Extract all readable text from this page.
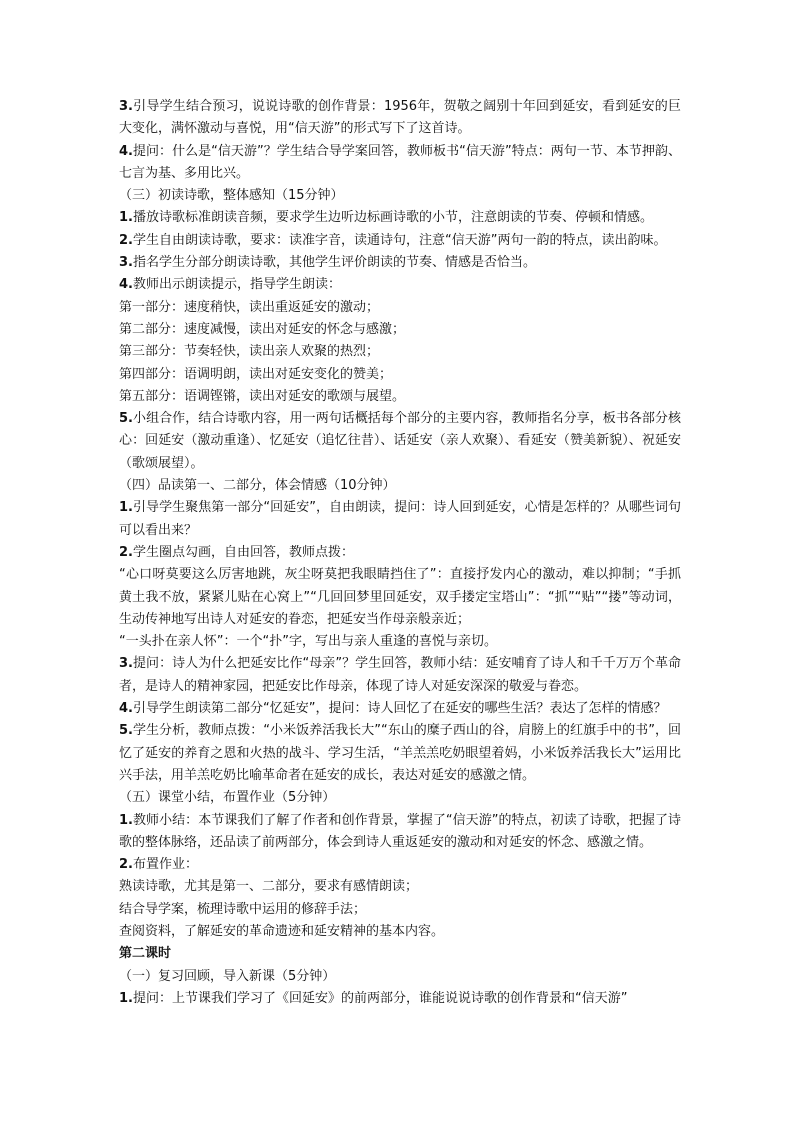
3.引导学生结合预习，说说诗歌的创作背景：1956年，贺敬之阔别十年回到延安，看到延安的巨大变化，满怀激动与喜悦，用“信天游”的形式写下了这首诗。
4.提问：什么是“信天游”？学生结合导学案回答，教师板书“信天游”特点：两句一节、本节押韵、七言为基、多用比兴。
（三）初读诗歌，整体感知（15分钟）
1.播放诗歌标准朗读音频，要求学生边听边标画诗歌的小节，注意朗读的节奏、停顿和情感。
2.学生自由朗读诗歌，要求：读准字音，读通诗句，注意“信天游”两句一韵的特点，读出韵味。
3.指名学生分部分朗读诗歌，其他学生评价朗读的节奏、情感是否恰当。
4.教师出示朗读提示，指导学生朗读：
第一部分：速度稍快，读出重返延安的激动；
第二部分：速度减慢，读出对延安的怀念与感激；
第三部分：节奏轻快，读出亲人欢聚的热烈；
第四部分：语调明朗，读出对延安变化的赞美；
第五部分：语调铿锵，读出对延安的歌颂与展望。
5.小组合作，结合诗歌内容，用一两句话概括每个部分的主要内容，教师指名分享，板书各部分核心：回延安（激动重逢）、忆延安（追忆往昔）、话延安（亲人欢聚）、看延安（赞美新貌）、祝延安（歌颂展望）。
（四）品读第一、二部分，体会情感（10分钟）
1.引导学生聚焦第一部分“回延安”，自由朗读，提问：诗人回到延安，心情是怎样的？从哪些词句可以看出来？
2.学生圈点勾画，自由回答，教师点拨：
“心口呀莫要这么厉害地跳，灰尘呀莫把我眼睛挡住了”：直接抒发内心的激动，难以抑制；“手抓黄土我不放，紧紧儿贴在心窝上”“几回回梦里回延安，双手搂定宝塔山”：“抓”“贴”“搂”等动词，生动传神地写出诗人对延安的眷恋，把延安当作母亲般亲近；
“一头扑在亲人怀”：一个“扑”字，写出与亲人重逢的喜悦与亲切。
3.提问：诗人为什么把延安比作“母亲”？学生回答，教师小结：延安哺育了诗人和千千万万个革命者，是诗人的精神家园，把延安比作母亲，体现了诗人对延安深深的敬爱与眷恋。
4.引导学生朗读第二部分“忆延安”，提问：诗人回忆了在延安的哪些生活？表达了怎样的情感？
5.学生分析，教师点拨：“小米饭养活我长大”“东山的糜子西山的谷，肩膀上的红旗手中的书”，回忆了延安的养育之恩和火热的战斗、学习生活，“羊羔羔吃奶眼望着妈，小米饭养活我长大”运用比兴手法，用羊羔吃奶比喻革命者在延安的成长，表达对延安的感激之情。
（五）课堂小结，布置作业（5分钟）
1.教师小结：本节课我们了解了作者和创作背景，掌握了“信天游”的特点，初读了诗歌，把握了诗歌的整体脉络，还品读了前两部分，体会到诗人重返延安的激动和对延安的怀念、感激之情。
2.布置作业：
熟读诗歌，尤其是第一、二部分，要求有感情朗读；
结合导学案，梳理诗歌中运用的修辞手法；
查阅资料，了解延安的革命遗迹和延安精神的基本内容。
第二课时
（一）复习回顾，导入新课（5分钟）
1.提问：上节课我们学习了《回延安》的前两部分，谁能说说诗歌的创作背景和“信天游”
